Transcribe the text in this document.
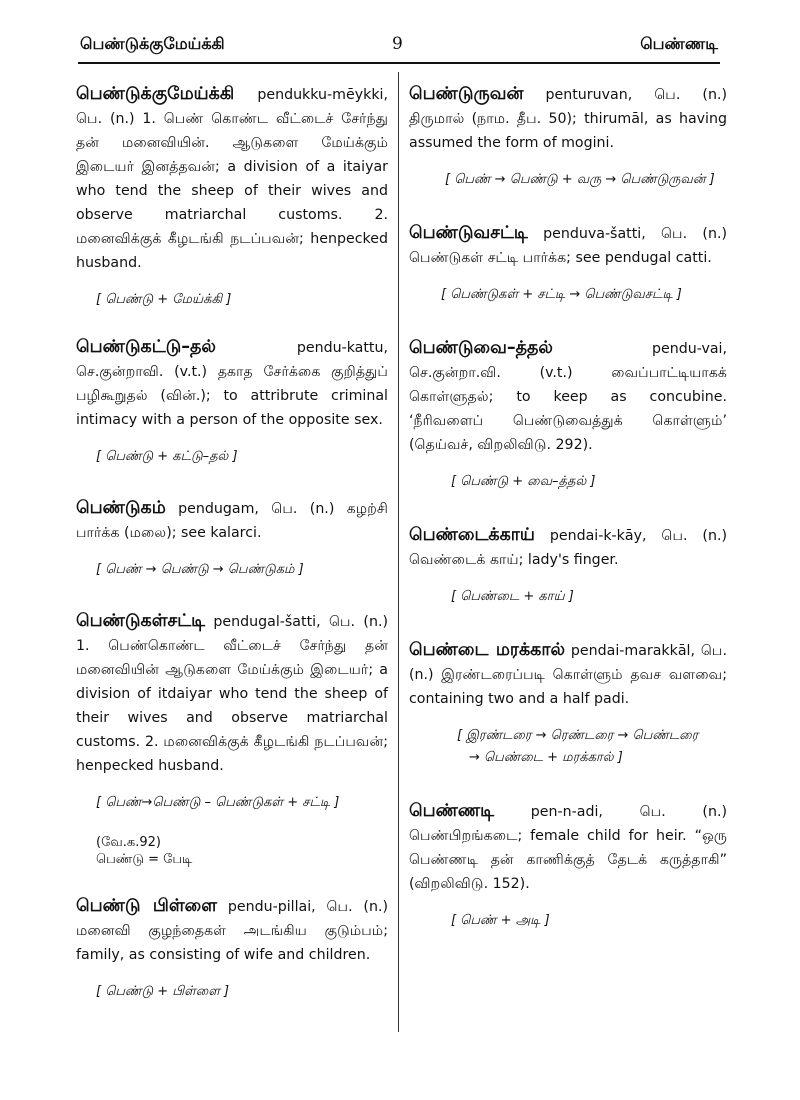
பெண்டுக்குமேய்க்கி	9	பெண்ணடி

பெண்டுக்குமேய்க்கி pendukku-mēykki, பெ. (n.) 1. பெண் கொண்ட வீட்டைச் சேர்ந்து தன் மனைவியின். ஆடுகளை மேய்க்கும் இடையர் இனத்தவன்; a division of a itaiyar who tend the sheep of their wives and observe matriarchal customs. 2. மனைவிக்குக் கீழடங்கி நடப்பவன்; henpecked husband.

[ பெண்டு + மேய்க்கி ]

பெண்டுகட்டு–தல் pendu-kattu, செ.குன்றாவி. (v.t.) தகாத சேர்க்கை குறித்துப் பழிகூறுதல் (வின்.); to attribrute criminal intimacy with a person of the opposite sex.

[ பெண்டு + கட்டு–தல் ]

பெண்டுகம் pendugam, பெ. (n.) கழற்சி பார்க்க (மலை); see kalarci.

[ பெண் → பெண்டு → பெண்டுகம் ]

பெண்டுகள்சட்டி pendugal-šatti, பெ. (n.) 1. பெண்கொண்ட வீட்டைச் சேர்ந்து தன் மனைவியின் ஆடுகளை மேய்க்கும் இடையர்; a division of itdaiyar who tend the sheep of their wives and observe matriarchal customs. 2. மனைவிக்குக் கீழடங்கி நடப்பவன்; henpecked husband.

[ பெண்→பெண்டு – பெண்டுகள் + சட்டி ]
(வே.க.92)
பெண்டு = பேடி

பெண்டு பிள்ளை pendu-pillai, பெ. (n.) மனைவி குழந்தைகள் அடங்கிய குடும்பம்; family, as consisting of wife and children.

[ பெண்டு + பிள்ளை ]

பெண்டுருவன் penturuvan, பெ. (n.) திருமால் (நாம. தீப. 50); thirumāl, as having assumed the form of mogini.

[ பெண் → பெண்டு + வரு → பெண்டுருவன் ]

பெண்டுவசட்டி penduva-šatti, பெ. (n.) பெண்டுகள் சட்டி பார்க்க; see pendugal catti.

[ பெண்டுகள் + சட்டி → பெண்டுவசட்டி ]

பெண்டுவை–த்தல் pendu-vai, செ.குன்றா.வி. (v.t.) வைப்பாட்டியாகக் கொள்ளுதல்; to keep as concubine. ‘நீரிவளைப் பெண்டுவைத்துக் கொள்ளும்’ (தெய்வச், விறலிவிடு. 292).

[ பெண்டு + வை–த்தல் ]

பெண்டைக்காய் pendai-k-kāy, பெ. (n.) வெண்டைக் காய்; lady's finger.

[ பெண்டை + காய் ]

பெண்டை மரக்கால் pendai-marakkāl, பெ. (n.) இரண்டரைப்படி கொள்ளும் தவச வளவை; containing two and a half padi.

[ இரண்டரை → ரெண்டரை → பெண்டரை
→ பெண்டை + மரக்கால் ]

பெண்ணடி pen-n-adi, பெ. (n.) பெண்பிறங்கடை; female child for heir. “ஒரு பெண்ணடி தன் காணிக்குத் தேடக் கருத்தாகி” (விறலிவிடு. 152).

[ பெண் + அடி ]
